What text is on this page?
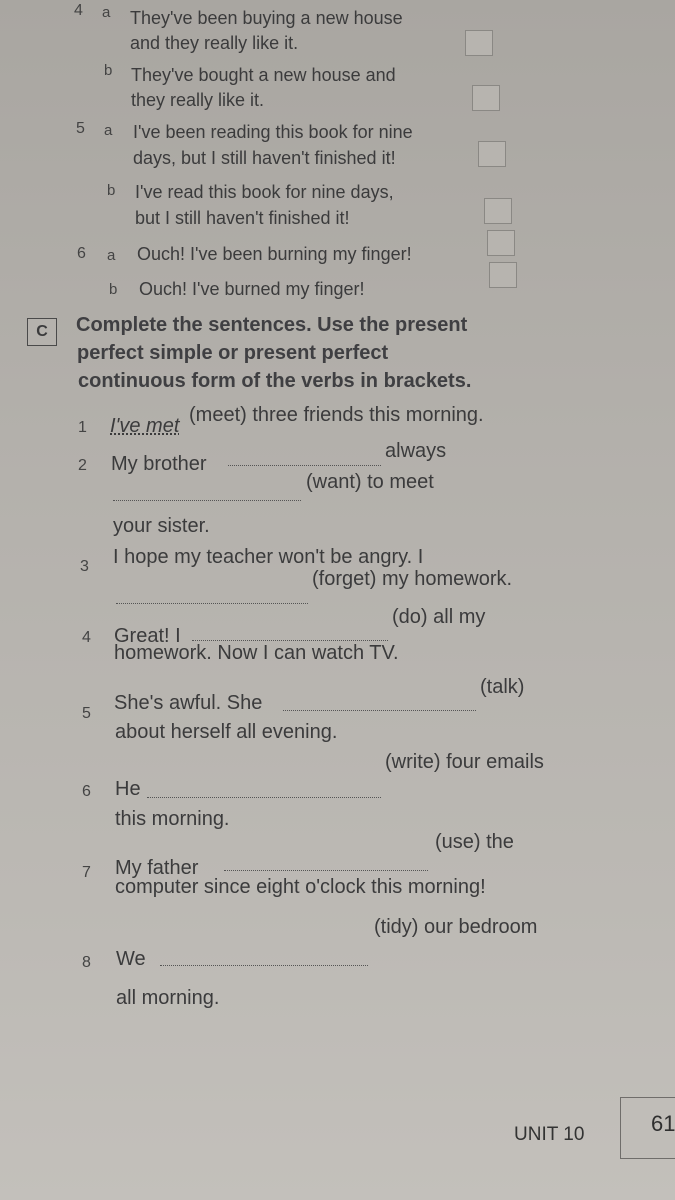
4 a They've been buying a new house
and they really like it.
b They've bought a new house and
they really like it.
5 a I've been reading this book for nine
days, but I still haven't finished it!
b I've read this book for nine days,
but I still haven't finished it!
6 a Ouch! I've been burning my finger!
b Ouch! I've burned my finger!
C	Complete the sentences. Use the present
perfect simple or present perfect
continuous form of the verbs in brackets.
1 I've met (meet) three friends this morning.
2 My brother
always
(want) to meet
your sister.
3 I hope my teacher won't be angry. I
(forget) my homework.
4 Great! I
(do) all my
homework. Now I can watch TV.
5 She's awful. She
(talk)
about herself all evening.
6 He
(write) four emails
this morning.
7 My father
(use) the
computer since eight o'clock this morning!
8 We
(tidy) our bedroom
all morning.
UNIT 10	61
